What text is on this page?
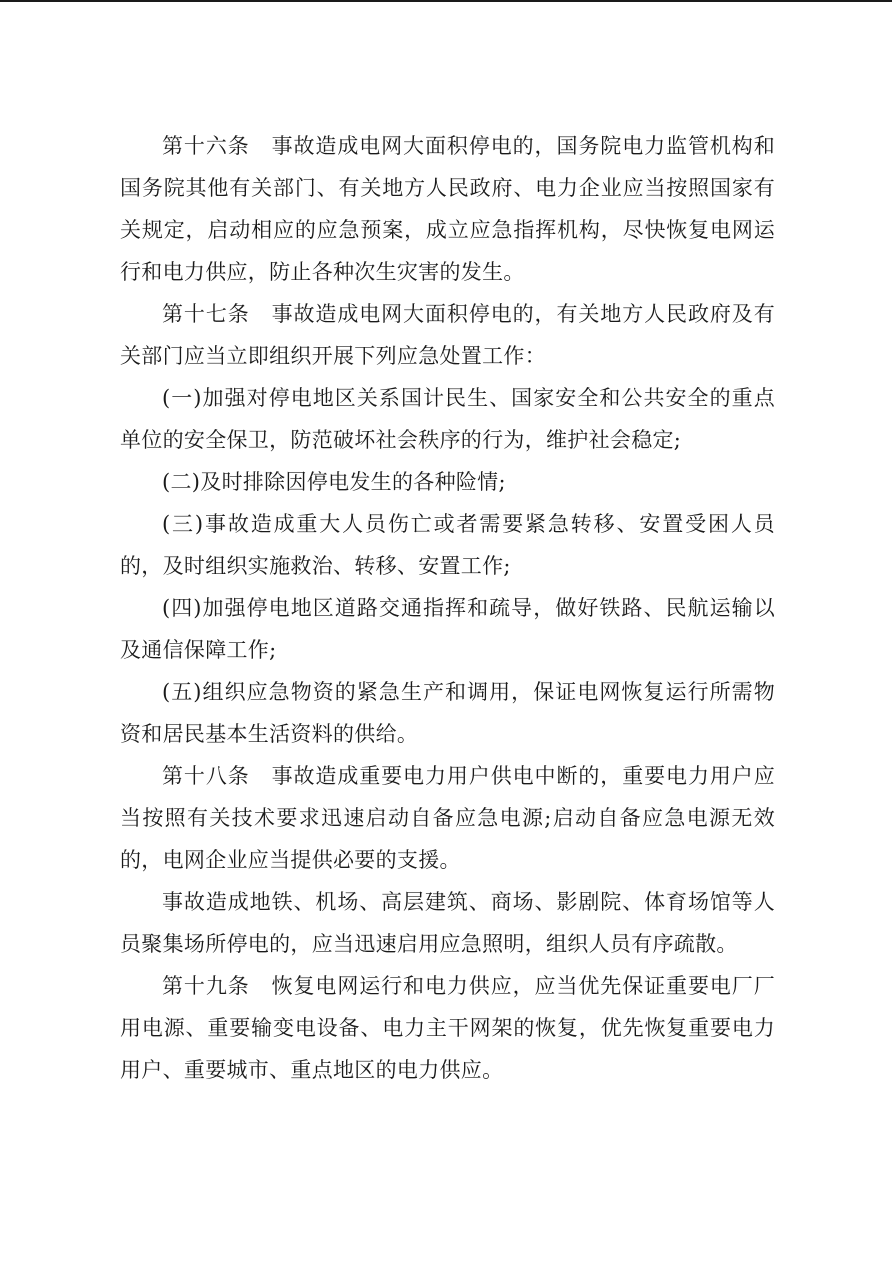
第十六条　事故造成电网大面积停电的，国务院电力监管机构和国务院其他有关部门、有关地方人民政府、电力企业应当按照国家有关规定，启动相应的应急预案，成立应急指挥机构，尽快恢复电网运行和电力供应，防止各种次生灾害的发生。

第十七条　事故造成电网大面积停电的，有关地方人民政府及有关部门应当立即组织开展下列应急处置工作：

(一)加强对停电地区关系国计民生、国家安全和公共安全的重点单位的安全保卫，防范破坏社会秩序的行为，维护社会稳定;

(二)及时排除因停电发生的各种险情;

(三)事故造成重大人员伤亡或者需要紧急转移、安置受困人员的，及时组织实施救治、转移、安置工作;

(四)加强停电地区道路交通指挥和疏导，做好铁路、民航运输以及通信保障工作;

(五)组织应急物资的紧急生产和调用，保证电网恢复运行所需物资和居民基本生活资料的供给。

第十八条　事故造成重要电力用户供电中断的，重要电力用户应当按照有关技术要求迅速启动自备应急电源;启动自备应急电源无效的，电网企业应当提供必要的支援。

事故造成地铁、机场、高层建筑、商场、影剧院、体育场馆等人员聚集场所停电的，应当迅速启用应急照明，组织人员有序疏散。

第十九条　恢复电网运行和电力供应，应当优先保证重要电厂厂用电源、重要输变电设备、电力主干网架的恢复，优先恢复重要电力用户、重要城市、重点地区的电力供应。
